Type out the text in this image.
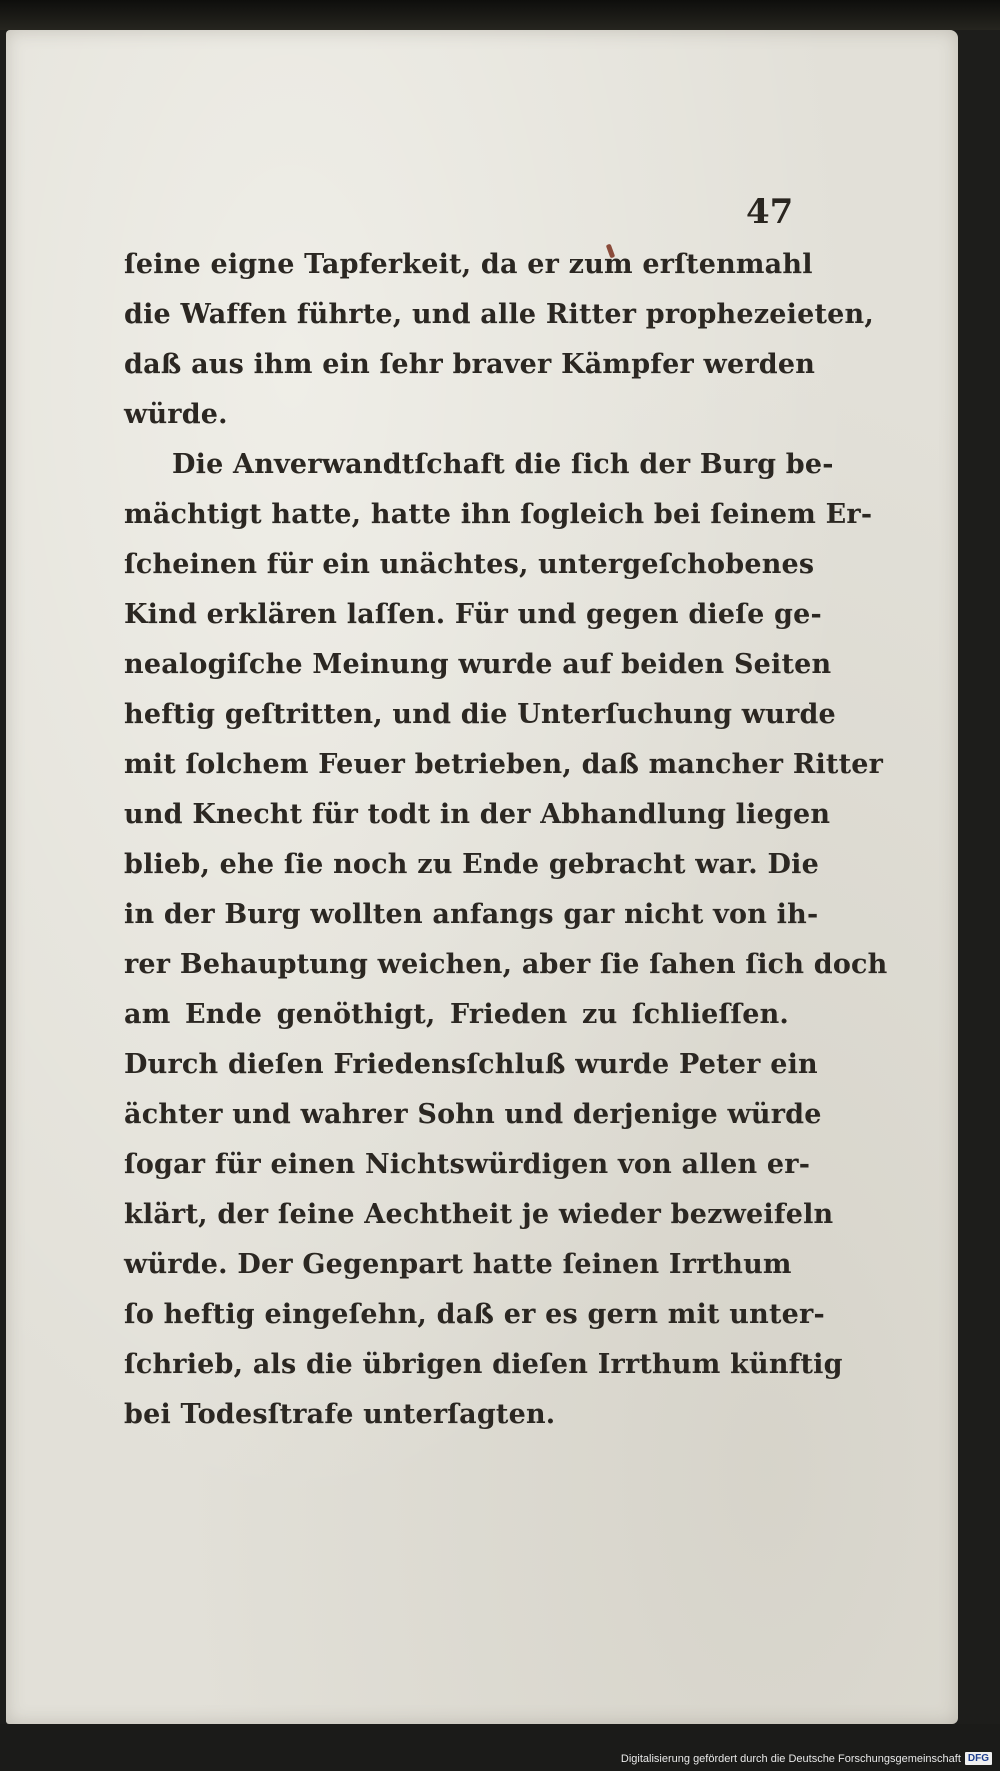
47
ſeine eigne Tapferkeit, da er zum erſtenmahl
die Waffen führte, und alle Ritter prophezeieten,
daß aus ihm ein ſehr braver Kämpfer werden
würde.
Die Anverwandtſchaft die ſich der Burg be-
mächtigt hatte, hatte ihn ſogleich bei ſeinem Er-
ſcheinen für ein unächtes, untergeſchobenes
Kind erklären laſſen. Für und gegen dieſe ge-
nealogiſche Meinung wurde auf beiden Seiten
heftig geſtritten, und die Unterſuchung wurde
mit ſolchem Feuer betrieben, daß mancher Ritter
und Knecht für todt in der Abhandlung liegen
blieb, ehe ſie noch zu Ende gebracht war. Die
in der Burg wollten anfangs gar nicht von ih-
rer Behauptung weichen, aber ſie ſahen ſich doch
am Ende genöthigt, Frieden zu ſchlieſſen.
Durch dieſen Friedensſchluß wurde Peter ein
ächter und wahrer Sohn und derjenige würde
ſogar für einen Nichtswürdigen von allen er-
klärt, der ſeine Aechtheit je wieder bezweifeln
würde. Der Gegenpart hatte ſeinen Irrthum
ſo heftig eingeſehn, daß er es gern mit unter-
ſchrieb, als die übrigen dieſen Irrthum künftig
bei Todesſtrafe unterſagten.
Digitalisierung gefördert durch die Deutsche Forschungsgemeinschaft DFG
